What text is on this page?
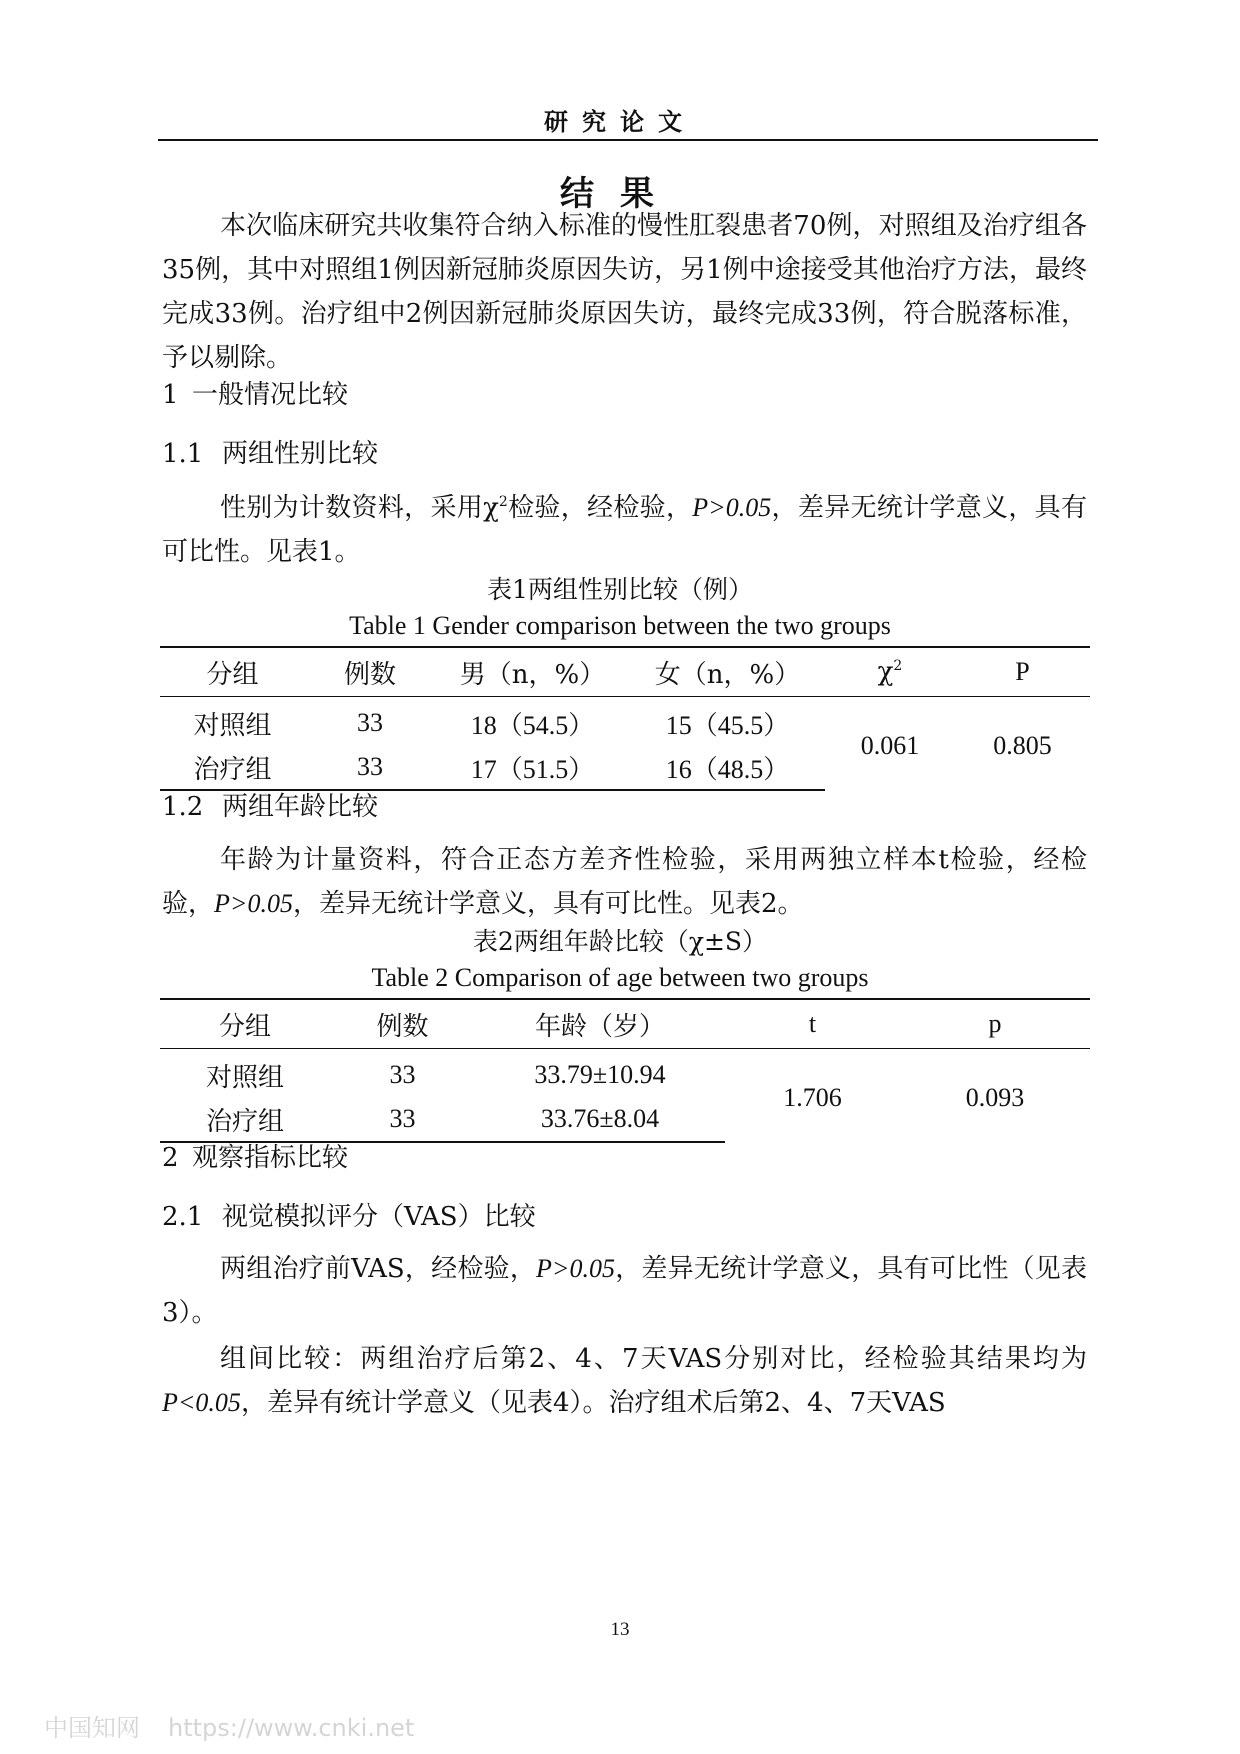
研究论文
结果
本次临床研究共收集符合纳入标准的慢性肛裂患者70例，对照组及治疗组各35例，其中对照组1例因新冠肺炎原因失访，另1例中途接受其他治疗方法，最终完成33例。治疗组中2例因新冠肺炎原因失访，最终完成33例，符合脱落标准，予以剔除。
1 一般情况比较
1.1 两组性别比较
性别为计数资料，采用$\chi^2$检验，经检验，P>0.05，差异无统计学意义，具有可比性。见表1。
表1两组性别比较（例）
Table 1 Gender comparison between the two groups
分组	例数	男（n，%）	女（n，%）	$\chi^2$	P
对照组	33	18（54.5）	15（45.5）	0.061	0.805
治疗组	33	17（51.5）	16（48.5）		
1.2 两组年龄比较
年龄为计量资料，符合正态方差齐性检验，采用两独立样本t检验，经检验，P>0.05，差异无统计学意义，具有可比性。见表2。
表2两组年龄比较（χ±S）
Table 2 Comparison of age between two groups
分组	例数	年龄（岁）	t	p
对照组	33	33.79±10.94	1.706	0.093
治疗组	33	33.76±8.04		
2 观察指标比较
2.1 视觉模拟评分（VAS）比较
两组治疗前VAS，经检验，P>0.05，差异无统计学意义，具有可比性（见表3）。
组间比较：两组治疗后第2、4、7天VAS分别对比，经检验其结果均为P<0.05，差异有统计学意义（见表4）。治疗组术后第2、4、7天VAS
13
中国知网 https://www.cnki.net
